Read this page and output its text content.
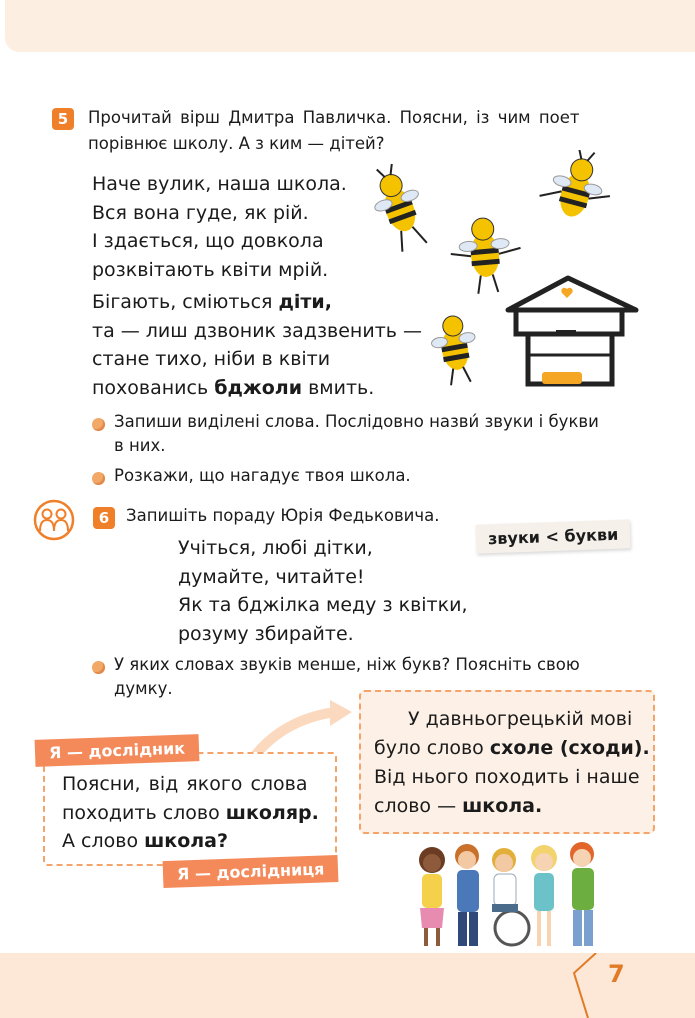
5	Прочитай вірш Дмитра Павличка. Поясни, із чим поет
порівнює школу. А з ким — дітей?
Наче вулик, наша школа.
Вся вона гуде, як рій.
І здається, що довкола
розквітають квіти мрій.
Бігають, сміються діти,
та — лиш дзвоник задзвенить —
стане тихо, ніби в квіти
похованись бджоли вмить.
Запиши виділені слова. Послідовно назви́ звуки і букви
в них.
Розкажи, що нагадує твоя школа.
6	Запишіть пораду Юрія Федьковича.
звуки < букви
Учіться, любі дітки,
думайте, читайте!
Як та бджілка меду з квітки,
розуму збирайте.
У яких словах звуків менше, ніж букв? Поясніть свою
думку.
Я — дослідник
Поясни, від якого слова
походить слово школяр.
А слово школа?
Я — дослідниця
У давньогрецькій мові
було слово схоле (сходи).
Від нього походить і наше
слово — школа.
7
